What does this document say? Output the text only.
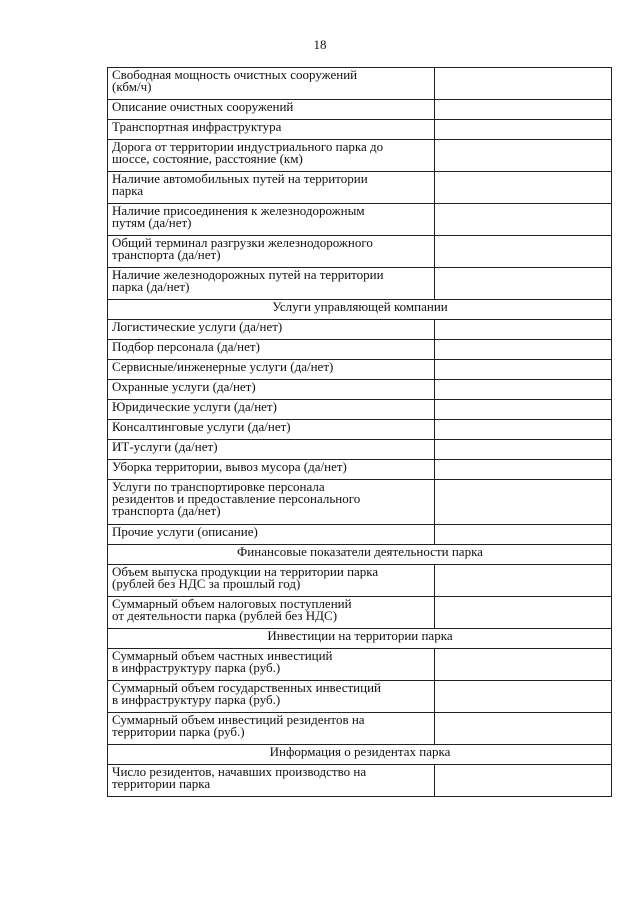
18
Свободная мощность очистных сооружений
(кбм/ч)	
Описание очистных сооружений	
Транспортная инфраструктура	
Дорога от территории индустриального парка до
шоссе, состояние, расстояние (км)	
Наличие автомобильных путей на территории
парка	
Наличие присоединения к железнодорожным
путям (да/нет)	
Общий терминал разгрузки железнодорожного
транспорта (да/нет)	
Наличие железнодорожных путей на территории
парка (да/нет)	
Услуги управляющей компании	
Логистические услуги (да/нет)	
Подбор персонала (да/нет)	
Сервисные/инженерные услуги (да/нет)	
Охранные услуги (да/нет)	
Юридические услуги (да/нет)	
Консалтинговые услуги (да/нет)	
ИТ-услуги (да/нет)	
Уборка территории, вывоз мусора (да/нет)	
Услуги по транспортировке персонала
резидентов и предоставление персонального
транспорта (да/нет)	
Прочие услуги (описание)	
Финансовые показатели деятельности парка	
Объем выпуска продукции на территории парка
(рублей без НДС за прошлый год)	
Суммарный объем налоговых поступлений
от деятельности парка (рублей без НДС)	
Инвестиции на территории парка	
Суммарный объем частных инвестиций
в инфраструктуру парка (руб.)	
Суммарный объем государственных инвестиций
в инфраструктуру парка (руб.)	
Суммарный объем инвестиций резидентов на
территории парка (руб.)	
Информация о резидентах парка	
Число резидентов, начавших производство на
территории парка	
